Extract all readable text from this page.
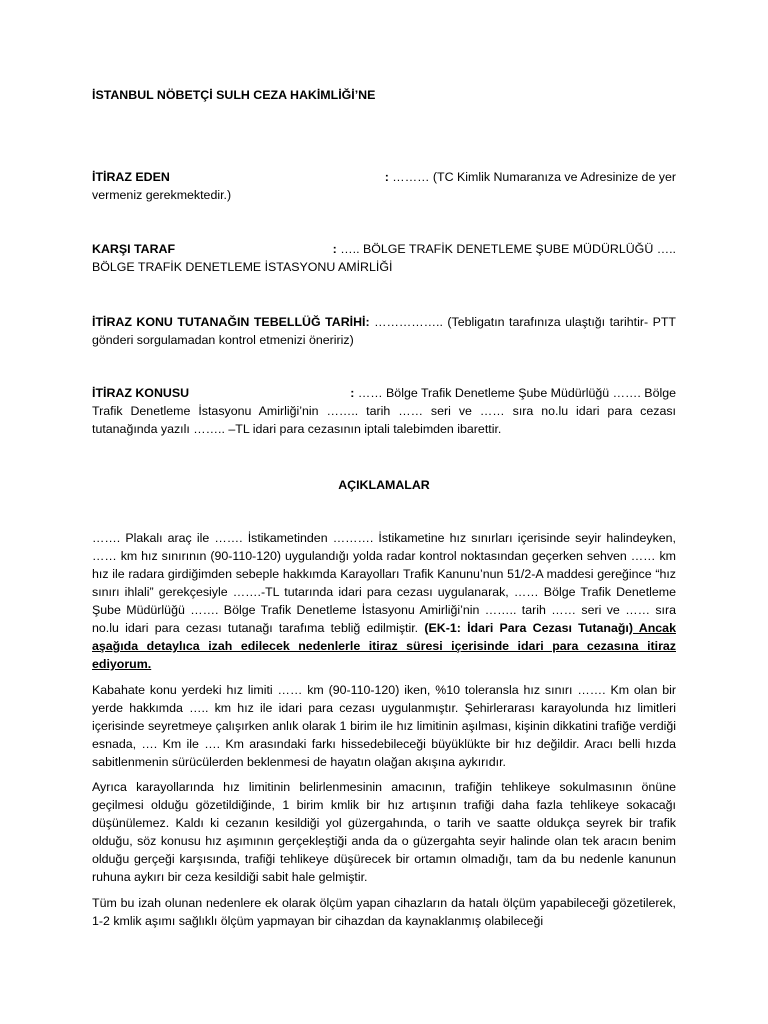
İSTANBUL NÖBETÇİ SULH CEZA HAKİMLİĞİ’NE
İTİRAZ EDEN	: ……… (TC Kimlik Numaranıza ve Adresinize de yer

vermeniz gerekmektedir.)

KARŞI TARAF	: ….. BÖLGE TRAFİK DENETLEME ŞUBE MÜDÜRLÜĞÜ …..

BÖLGE TRAFİK DENETLEME İSTASYONU AMİRLİĞİ

İTİRAZ KONU TUTANAĞIN TEBELLÜĞ TARİHİ: …………….. (Tebligatın tarafınıza ulaştığı tarihtir- PTT gönderi sorgulamadan kontrol etmenizi öneririz)

İTİRAZ KONUSU	: …… Bölge Trafik Denetleme Şube Müdürlüğü ……. Bölge

Trafik Denetleme İstasyonu Amirliği’nin …….. tarih …… seri ve …… sıra no.lu idari para cezası tutanağında yazılı …….. –TL idari para cezasının iptali talebimden ibarettir.

AÇIKLAMALAR

……. Plakalı araç ile ……. İstikametinden ………. İstikametine hız sınırları içerisinde seyir halindeyken, …… km hız sınırının (90-110-120) uygulandığı yolda radar kontrol noktasından geçerken sehven …… km hız ile radara girdiğimden sebeple hakkımda Karayolları Trafik Kanunu’nun 51/2-A maddesi gereğince “hız sınırı ihlali” gerekçesiyle …….-TL tutarında idari para cezası uygulanarak, …… Bölge Trafik Denetleme Şube Müdürlüğü ……. Bölge Trafik Denetleme İstasyonu Amirliği’nin …….. tarih …… seri ve …… sıra no.lu idari para cezası tutanağı tarafıma tebliğ edilmiştir. (EK-1: İdari Para Cezası Tutanağı) Ancak aşağıda detaylıca izah edilecek nedenlerle itiraz süresi içerisinde idari para cezasına itiraz ediyorum.

Kabahate konu yerdeki hız limiti …… km (90-110-120) iken, %10 toleransla hız sınırı ……. Km olan bir yerde hakkımda ….. km hız ile idari para cezası uygulanmıştır. Şehirlerarası karayolunda hız limitleri içerisinde seyretmeye çalışırken anlık olarak 1 birim ile hız limitinin aşılması, kişinin dikkatini trafiğe verdiği esnada, …. Km ile …. Km arasındaki farkı hissedebileceği büyüklükte bir hız değildir. Aracı belli hızda sabitlenmenin sürücülerden beklenmesi de hayatın olağan akışına aykırıdır.

Ayrıca karayollarında hız limitinin belirlenmesinin amacının, trafiğin tehlikeye sokulmasının önüne geçilmesi olduğu gözetildiğinde, 1 birim kmlik bir hız artışının trafiği daha fazla tehlikeye sokacağı düşünülemez. Kaldı ki cezanın kesildiği yol güzergahında, o tarih ve saatte oldukça seyrek bir trafik olduğu, söz konusu hız aşımının gerçekleştiği anda da o güzergahta seyir halinde olan tek aracın benim olduğu gerçeği karşısında, trafiği tehlikeye düşürecek bir ortamın olmadığı, tam da bu nedenle kanunun ruhuna aykırı bir ceza kesildiği sabit hale gelmiştir.

Tüm bu izah olunan nedenlere ek olarak ölçüm yapan cihazların da hatalı ölçüm yapabileceği gözetilerek, 1-2 kmlik aşımı sağlıklı ölçüm yapmayan bir cihazdan da kaynaklanmış olabileceği
